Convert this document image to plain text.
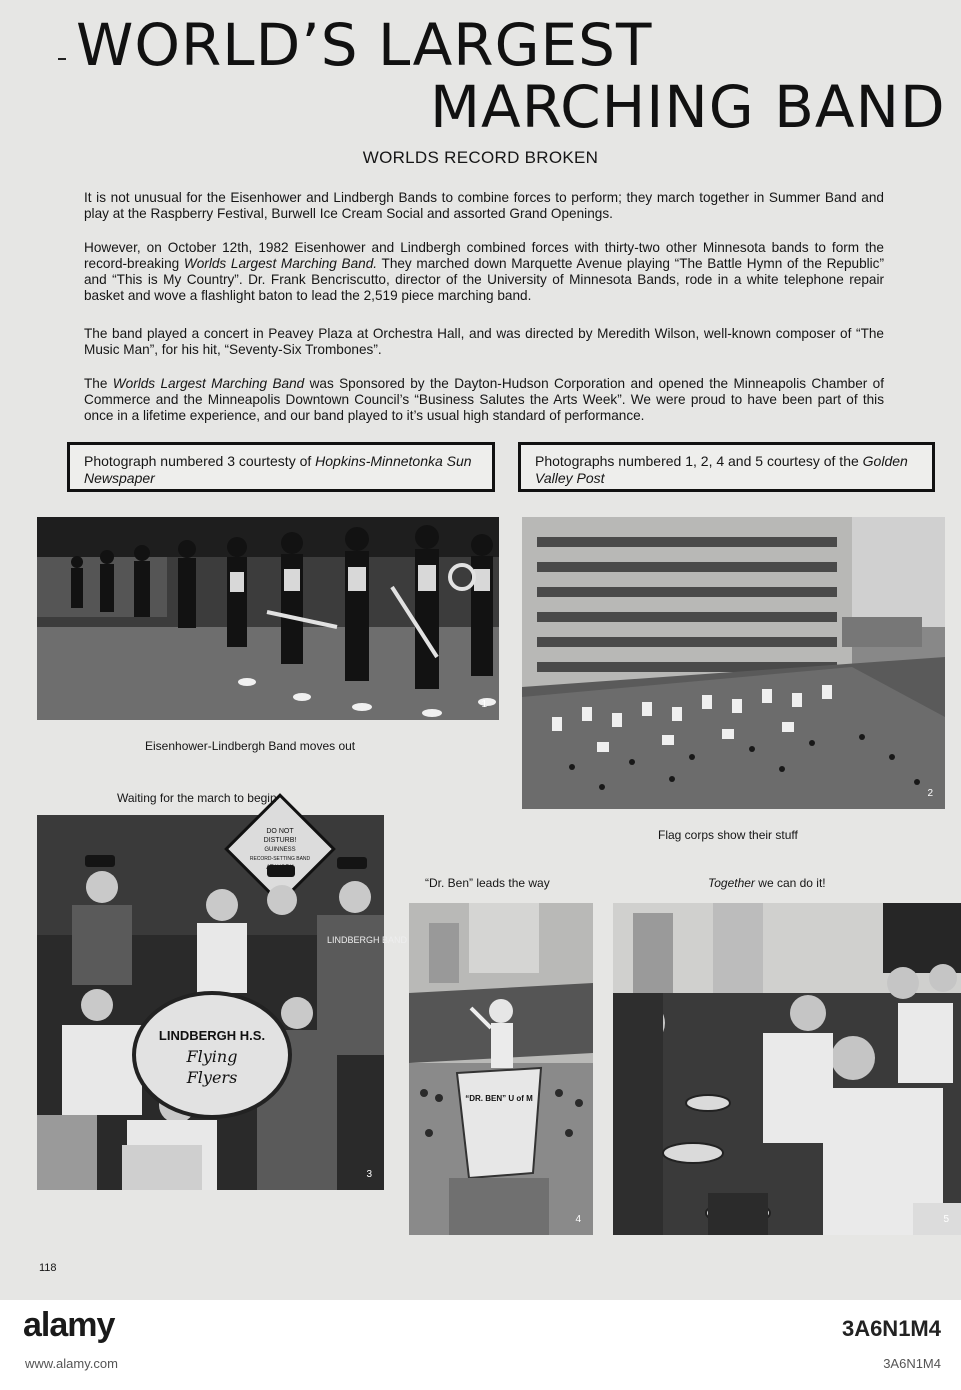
WORLD’S LARGEST
MARCHING BAND
WORLDS RECORD BROKEN

It is not unusual for the Eisenhower and Lindbergh Bands to combine forces to perform; they march together in Summer Band and play at the Raspberry Festival, Burwell Ice Cream Social and assorted Grand Openings.

However, on October 12th, 1982 Eisenhower and Lindbergh combined forces with thirty-two other Minnesota bands to form the record-breaking Worlds Largest Marching Band. They marched down Marquette Avenue playing “The Battle Hymn of the Republic” and “This is My Country”. Dr. Frank Bencriscutto, director of the University of Minnesota Bands, rode in a white telephone repair basket and wove a flashlight baton to lead the 2,519 piece marching band.

The band played a concert in Peavey Plaza at Orchestra Hall, and was directed by Meredith Wilson, well-known composer of “The Music Man”, for his hit, “Seventy-Six Trombones”.

The Worlds Largest Marching Band was Sponsored by the Dayton-Hudson Corporation and opened the Minneapolis Chamber of Commerce and the Minneapolis Downtown Council’s “Business Salutes the Arts Week”. We were proud to have been part of this once in a lifetime experience, and our band played to it’s usual high standard of performance.

Photograph numbered 3 courtesty of Hopkins-Minnetonka Sun Newspaper
Photographs numbered 1, 2, 4 and 5 courtesy of the Golden Valley Post
1
2
DO NOT
DISTURB!
GUINNESS
RECORD-SETTING BAND
LINDBERGH H.S.
Flying
Flyers
LINDBERGH BAND
3
“DR. BEN” U of M
4	5
Eisenhower-Lindbergh Band moves out
Waiting for the march to begin
Flag corps show their stuff
“Dr. Ben” leads the way	Together we can do it!
118
alamy	3A6N1M4
www.alamy.com	3A6N1M4
